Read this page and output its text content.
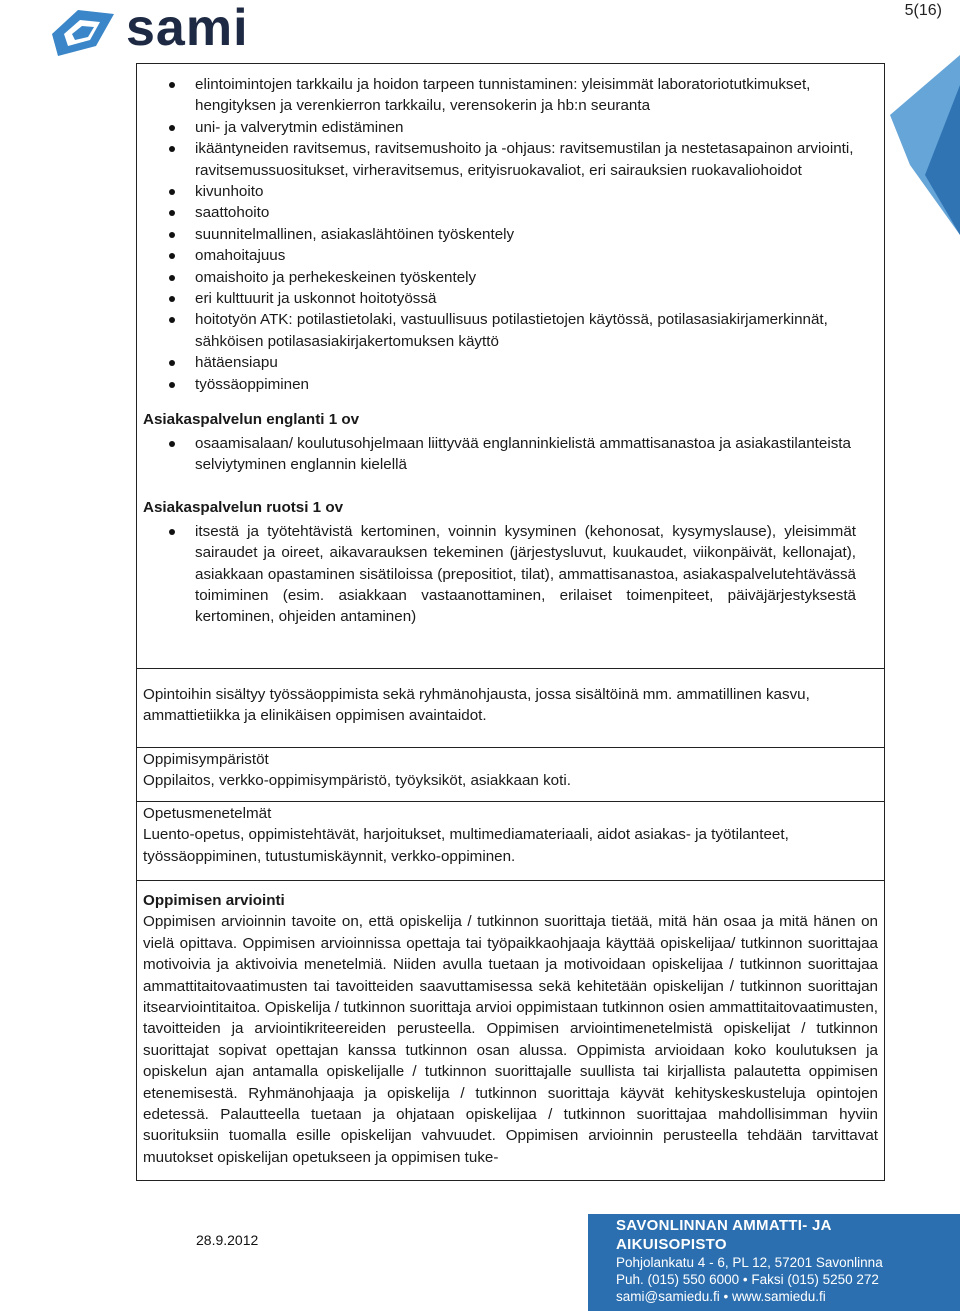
sami	5(16)
elintoimintojen tarkkailu ja hoidon tarpeen tunnistaminen: yleisimmät laboratoriotutkimukset, hengityksen ja verenkierron tarkkailu, verensokerin ja hb:n seuranta
uni- ja valverytmin edistäminen
ikääntyneiden ravitsemus, ravitsemushoito ja -ohjaus: ravitsemustilan ja nestetasapainon arviointi, ravitsemussuositukset, virheravitsemus, erityisruokavaliot, eri sairauksien ruokavaliohoidot
kivunhoito
saattohoito
suunnitelmallinen, asiakaslähtöinen työskentely
omahoitajuus
omaishoito ja perhekeskeinen työskentely
eri kulttuurit ja uskonnot hoitotyössä
hoitotyön ATK: potilastietolaki, vastuullisuus potilastietojen käytössä, potilasasiakirjamerkinnät, sähköisen potilasasiakirjakertomuksen käyttö
hätäensiapu
työssäoppiminen
Asiakaspalvelun englanti 1 ov
osaamisalaan/ koulutusohjelmaan liittyvää englanninkielistä ammattisanastoa ja asiakastilanteista selviytyminen englannin kielellä
Asiakaspalvelun ruotsi 1 ov
itsestä ja työtehtävistä kertominen, voinnin kysyminen (kehonosat, kysymyslause), yleisimmät sairaudet ja oireet, aikavarauksen tekeminen (järjestysluvut, kuukaudet, viikonpäivät, kellonajat), asiakkaan opastaminen sisätiloissa (prepositiot, tilat), ammattisanastoa, asiakaspalvelutehtävässä toimiminen (esim. asiakkaan vastaanottaminen, erilaiset toimenpiteet, päiväjärjestyksestä kertominen, ohjeiden antaminen)
Opintoihin sisältyy työssäoppimista sekä ryhmänohjausta, jossa sisältöinä mm. ammatillinen kasvu, ammattietiikka ja elinikäisen oppimisen avaintaidot.
Oppimisympäristöt
Oppilaitos, verkko-oppimisympäristö, työyksiköt, asiakkaan koti.
Opetusmenetelmät
Luento-opetus, oppimistehtävät, harjoitukset, multimediamateriaali, aidot asiakas- ja työtilanteet, työssäoppiminen, tutustumiskäynnit, verkko-oppiminen.
Oppimisen arviointi
Oppimisen arvioinnin tavoite on, että opiskelija / tutkinnon suorittaja tietää, mitä hän osaa ja mitä hänen on vielä opittava. Oppimisen arvioinnissa opettaja tai työpaikkaohjaaja käyttää opiskelijaa/ tutkinnon suorittajaa motivoivia ja aktivoivia menetelmiä. Niiden avulla tuetaan ja motivoidaan opiskelijaa / tutkinnon suorittajaa ammattitaitovaatimusten tai tavoitteiden saavuttamisessa sekä kehitetään opiskelijan / tutkinnon suorittajan itsearviointitaitoa. Opiskelija / tutkinnon suorittaja arvioi oppimistaan tutkinnon osien ammattitaitovaatimusten, tavoitteiden ja arviointikriteereiden perusteella. Oppimisen arviointimenetelmistä opiskelijat / tutkinnon suorittajat sopivat opettajan kanssa tutkinnon osan alussa. Oppimista arvioidaan koko koulutuksen ja opiskelun ajan antamalla opiskelijalle / tutkinnon suorittajalle suullista tai kirjallista palautetta oppimisen etenemisestä. Ryhmänohjaaja ja opiskelija / tutkinnon suorittaja käyvät kehityskeskusteluja opintojen edetessä. Palautteella tuetaan ja ohjataan opiskelijaa / tutkinnon suorittajaa mahdollisimman hyviin suorituksiin tuomalla esille opiskelijan vahvuudet. Oppimisen arvioinnin perusteella tehdään tarvittavat muutokset opiskelijan opetukseen ja oppimisen tuke-
28.9.2012
SAVONLINNAN AMMATTI- JA AIKUISOPISTO
Pohjolankatu 4 - 6, PL 12, 57201 Savonlinna
Puh. (015) 550 6000 • Faksi (015) 5250 272
sami@samiedu.fi • www.samiedu.fi
